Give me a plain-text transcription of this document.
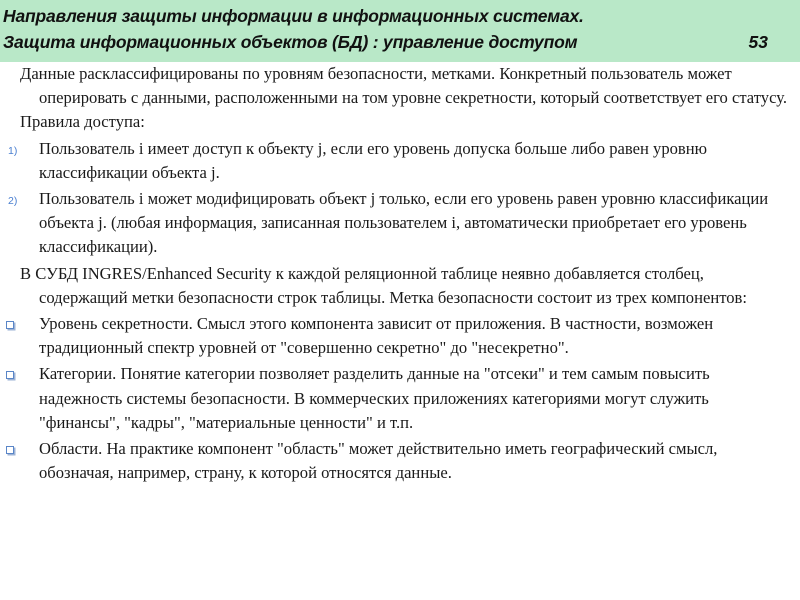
Направления защиты информации в информационных системах.
Защита информационных объектов (БД) : управление доступом	53

Данные расклассифицированы по уровням безопасности, метками. Конкретный пользователь может оперировать с данными, расположенными на том уровне секретности, который соответствует его статусу.

Правила доступа:

1) Пользователь i имеет доступ к объекту j, если его уровень допуска больше либо равен уровню классификации объекта j.
2) Пользователь i может модифицировать объект j только, если его уровень равен уровню классификации объекта j. (любая информация, записанная пользователем i, автоматически приобретает его уровень классификации).

В СУБД INGRES/Enhanced Security к каждой реляционной таблице неявно добавляется столбец, содержащий метки безопасности строк таблицы. Метка безопасности состоит из трех компонентов:

Уровень секретности. Смысл этого компонента зависит от приложения. В частности, возможен традиционный спектр уровней от "совершенно секретно" до "несекретно".
Категории. Понятие категории позволяет разделить данные на "отсеки" и тем самым повысить надежность системы безопасности. В коммерческих приложениях категориями могут служить "финансы", "кадры", "материальные ценности" и т.п.
Области. На практике компонент "область" может действительно иметь географический смысл, обозначая, например, страну, к которой относятся данные.
